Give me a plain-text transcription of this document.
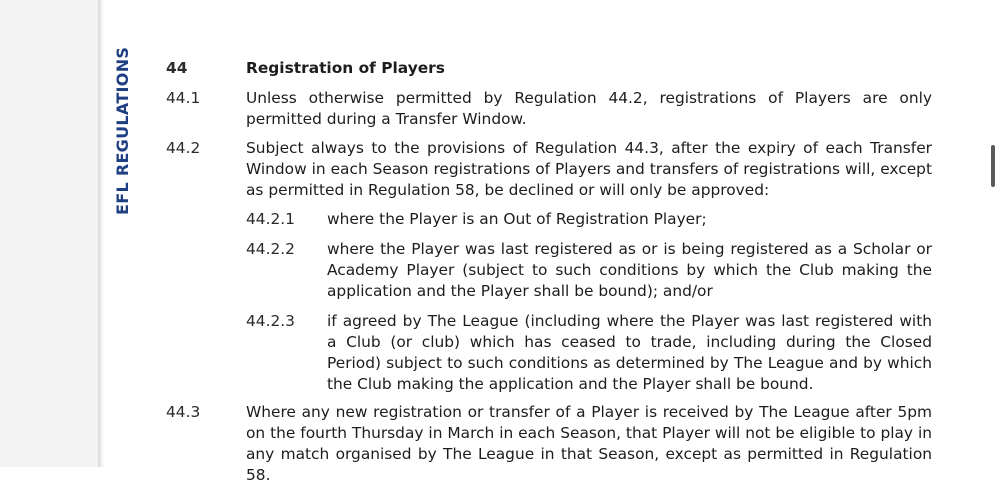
EFL REGULATIONS 44	Registration of Players
44.1	Unless otherwise permitted by Regulation 44.2, registrations of Players are only permitted during a Transfer Window.
44.2	Subject always to the provisions of Regulation 44.3, after the expiry of each Transfer Window in each Season registrations of Players and transfers of registrations will, except as permitted in Regulation 58, be declined or will only be approved:
44.2.1 where the Player is an Out of Registration Player;
44.2.2 where the Player was last registered as or is being registered as a Scholar or Academy Player (subject to such conditions by which the Club making the application and the Player shall be bound); and/or
44.2.3 if agreed by The League (including where the Player was last registered with a Club (or club) which has ceased to trade, including during the Closed Period) subject to such conditions as determined by The League and by which the Club making the application and the Player shall be bound.
44.3	Where any new registration or transfer of a Player is received by The League after 5pm on the fourth Thursday in March in each Season, that Player will not be eligible to play in any match organised by The League in that Season, except as permitted in Regulation 58.
